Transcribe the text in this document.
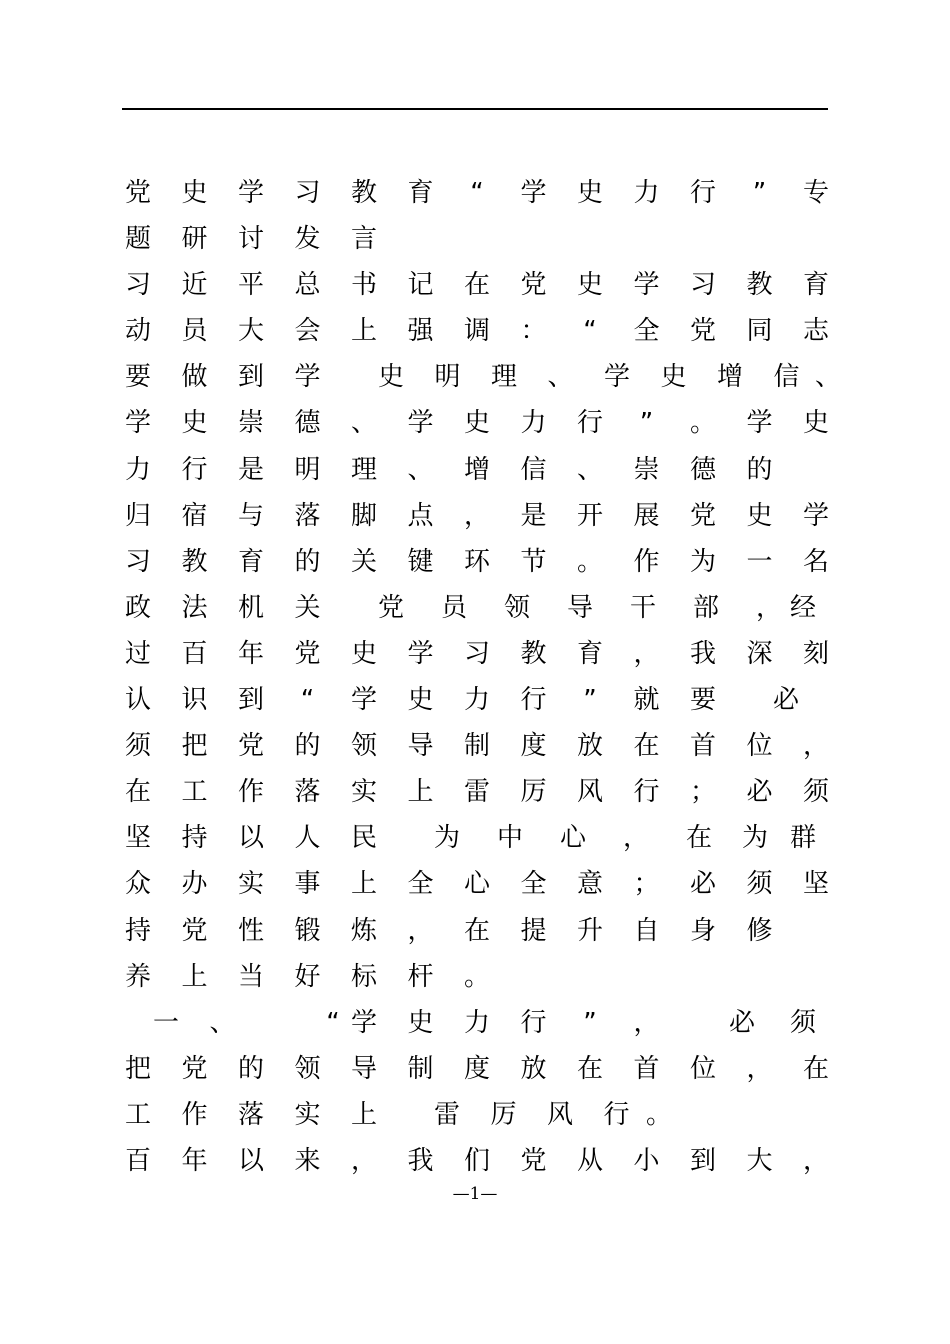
党 史 学 习 教 育	“	学 史 力 行	”	专
题 研 讨 发 言
习 近 平 总 书 记 在 党 史 学 习 教 育
动 员 大 会 上 强 调 ：	“	全 党 同 志
要 做 到 学 史 明 理 、 学 史 增 信 、
学 史 崇 德 、 学 史 力 行	”	。 学 史
力 行 是 明 理 、 增 信 、 崇 德 的
归 宿 与 落 脚 点 ， 是 开 展 党 史 学
习 教 育 的 关 键 环 节 。 作 为 一 名
政 法 机 关 党 员 领 导 干 部 ， 经
过 百 年 党 史 学 习 教 育 ， 我 深 刻
认 识 到	“	学 史 力 行	”	就 要 必
须 把 党 的 领 导 制 度 放 在 首 位 ，
在 工 作 落 实 上 雷 厉 风 行 ； 必 须
坚 持 以 人 民 为 中 心 ， 在 为 群
众 办 实 事 上 全 心 全 意 ； 必 须 坚
持 党 性 锻 炼 ， 在 提 升 自 身 修
养 上 当 好 标 杆 。
一 、	“ 学 史 力 行	”	，	必 须
把 党 的 领 导 制 度 放 在 首 位 ， 在
工 作 落 实 上 雷 厉 风 行 。
百 年 以 来 ， 我 们 党 从 小 到 大 ，
—1—
